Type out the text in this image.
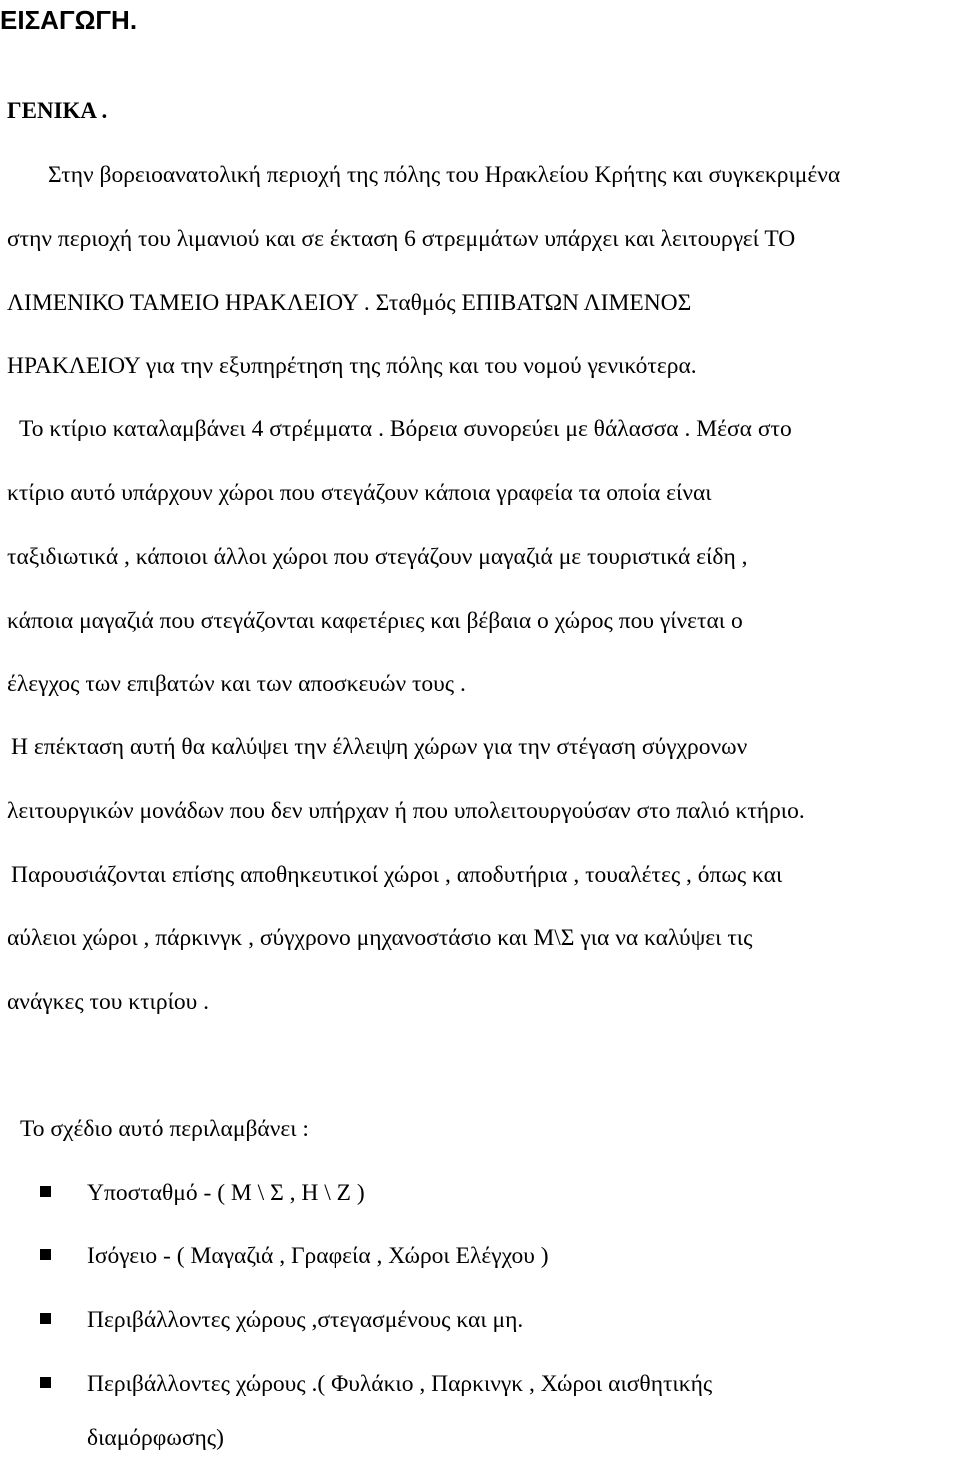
ΕΙΣΑΓΩΓΗ.
ΓΕΝΙΚΑ .

Στην βορειοανατολική περιοχή της πόλης του Ηρακλείου Κρήτης και συγκεκριμένα

στην περιοχή του λιμανιού και σε έκταση 6 στρεμμάτων υπάρχει και λειτουργεί ΤΟ

ΛΙΜΕΝΙΚΟ ΤΑΜΕΙΟ ΗΡΑΚΛΕΙΟΥ . Σταθμός ΕΠΙΒΑΤΩΝ ΛΙΜΕΝΟΣ

ΗΡΑΚΛΕΙΟΥ για την εξυπηρέτηση της πόλης και του νομού γενικότερα.

Το κτίριο καταλαμβάνει 4 στρέμματα . Βόρεια συνορεύει με θάλασσα . Μέσα στο

κτίριο αυτό υπάρχουν χώροι που στεγάζουν κάποια γραφεία τα οποία είναι

ταξιδιωτικά , κάποιοι άλλοι χώροι που στεγάζουν μαγαζιά με τουριστικά είδη ,

κάποια μαγαζιά που στεγάζονται καφετέριες και βέβαια ο χώρος που γίνεται ο

έλεγχος των επιβατών και των αποσκευών τους .

Η επέκταση αυτή θα καλύψει την έλλειψη χώρων για την στέγαση σύγχρονων

λειτουργικών μονάδων που δεν υπήρχαν ή που υπολειτουργούσαν στο παλιό κτήριο.

Παρουσιάζονται επίσης αποθηκευτικοί χώροι , αποδυτήρια , τουαλέτες , όπως και

αύλειοι χώροι , πάρκινγκ , σύγχρονο μηχανοστάσιο και Μ\Σ για να καλύψει τις

ανάγκες του κτιρίου .

Το σχέδιο αυτό περιλαμβάνει :

Υποσταθμό - ( Μ \ Σ , Η \ Ζ )
Ισόγειο - ( Μαγαζιά , Γραφεία , Χώροι Ελέγχου )
Περιβάλλοντες χώρους ,στεγασμένους και μη.
Περιβάλλοντες χώρους .( Φυλάκιο , Παρκινγκ , Χώροι αισθητικής

διαμόρφωσης)
